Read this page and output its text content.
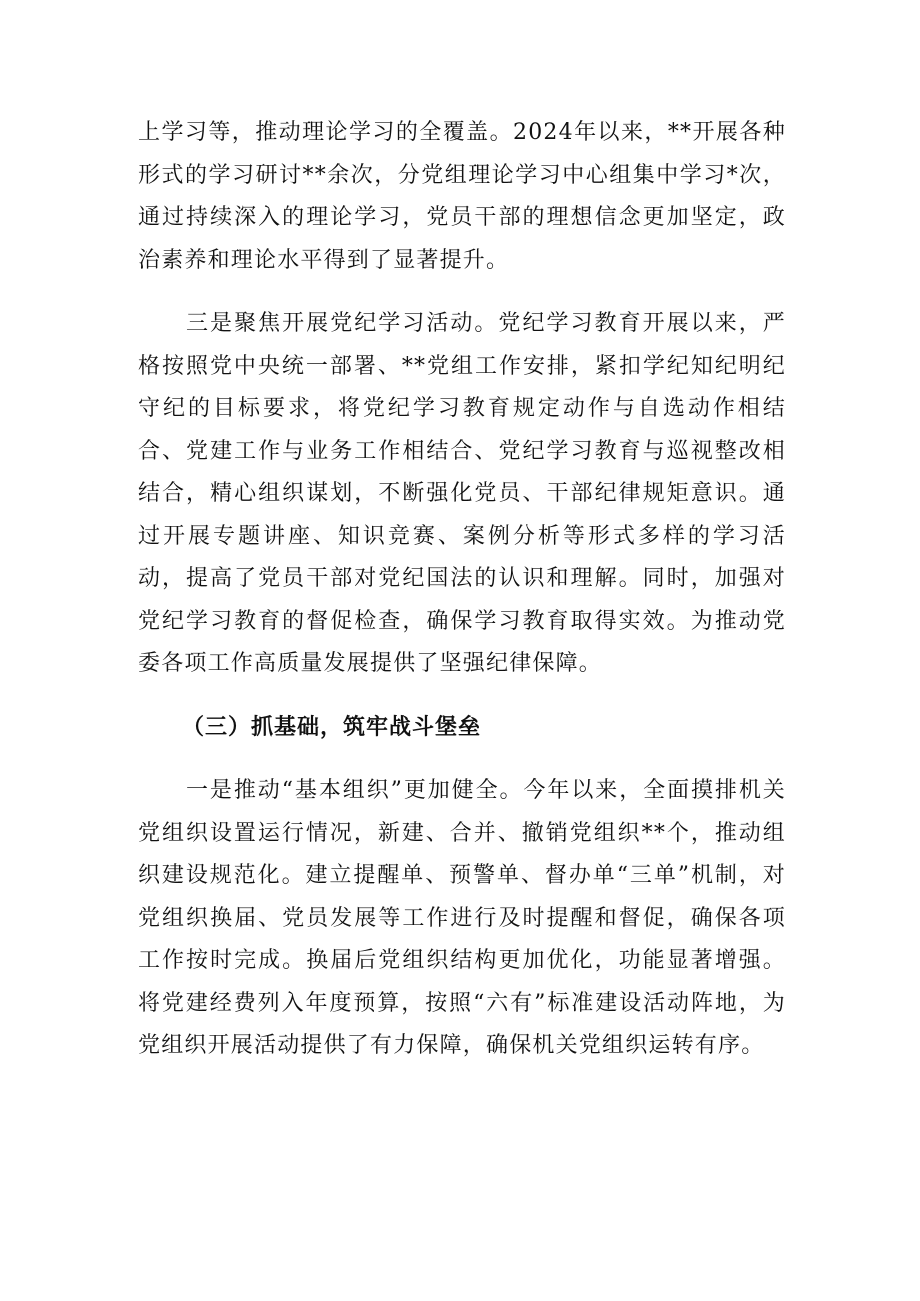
上学习等，推动理论学习的全覆盖。2024年以来，**开展各种形式的学习研讨**余次，分党组理论学习中心组集中学习*次，通过持续深入的理论学习，党员干部的理想信念更加坚定，政治素养和理论水平得到了显著提升。

三是聚焦开展党纪学习活动。党纪学习教育开展以来，严格按照党中央统一部署、**党组工作安排，紧扣学纪知纪明纪守纪的目标要求，将党纪学习教育规定动作与自选动作相结合、党建工作与业务工作相结合、党纪学习教育与巡视整改相结合，精心组织谋划，不断强化党员、干部纪律规矩意识。通过开展专题讲座、知识竞赛、案例分析等形式多样的学习活动，提高了党员干部对党纪国法的认识和理解。同时，加强对党纪学习教育的督促检查，确保学习教育取得实效。为推动党委各项工作高质量发展提供了坚强纪律保障。

（三）抓基础，筑牢战斗堡垒

一是推动“基本组织”更加健全。今年以来，全面摸排机关党组织设置运行情况，新建、合并、撤销党组织**个，推动组织建设规范化。建立提醒单、预警单、督办单“三单”机制，对党组织换届、党员发展等工作进行及时提醒和督促，确保各项工作按时完成。换届后党组织结构更加优化，功能显著增强。将党建经费列入年度预算，按照“六有”标准建设活动阵地，为党组织开展活动提供了有力保障，确保机关党组织运转有序。
